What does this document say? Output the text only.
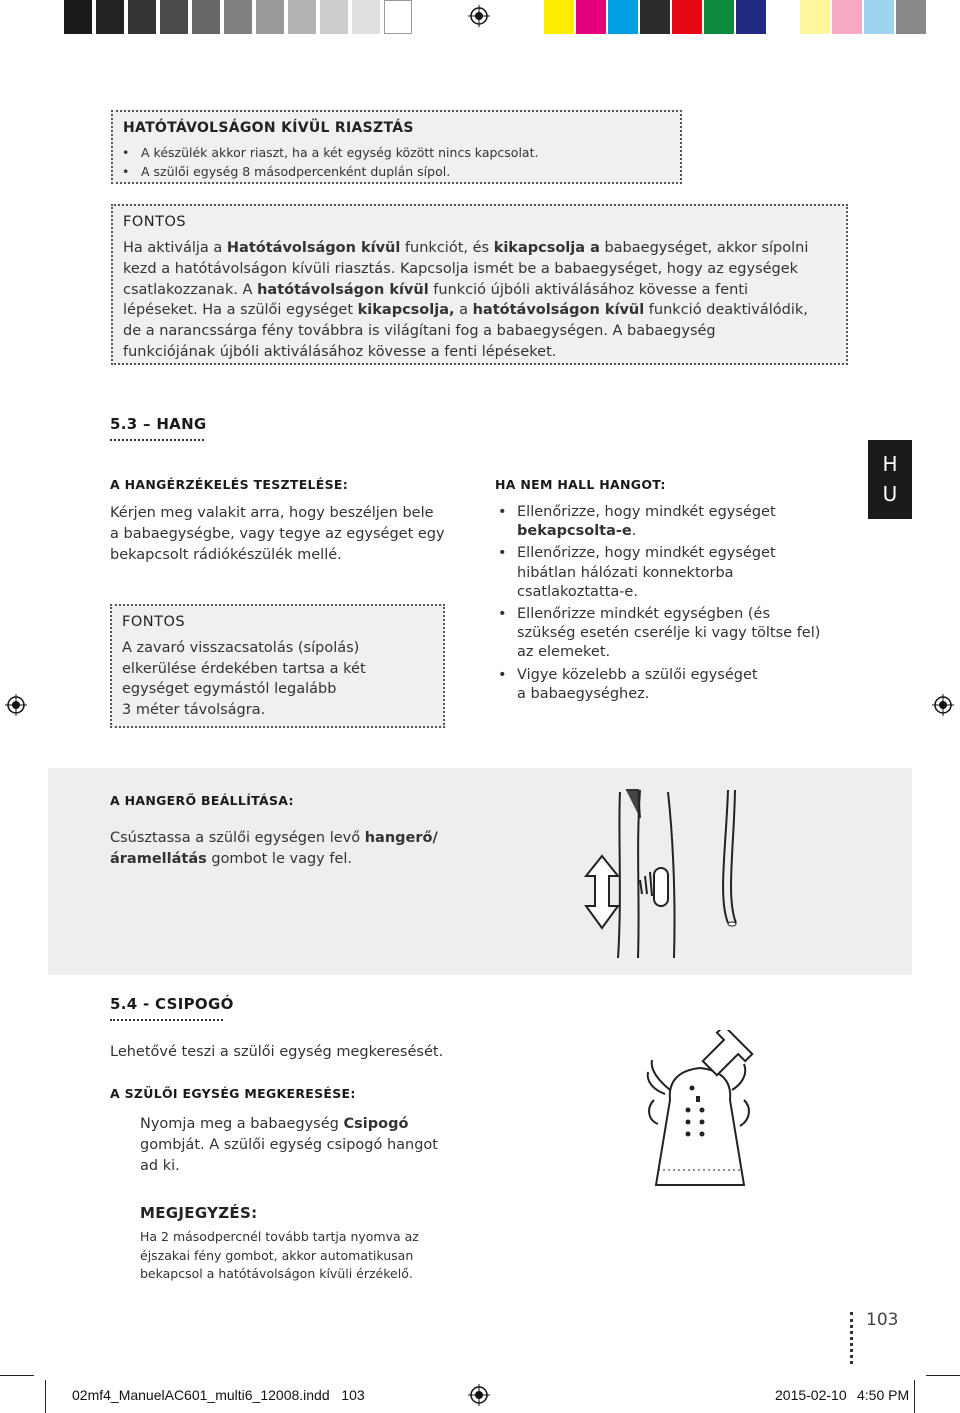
HATÓTÁVOLSÁGON KÍVÜL RIASZTÁS
• A készülék akkor riaszt, ha a két egység között nincs kapcsolat.
• A szülői egység 8 másodpercenként duplán sípol.
FONTOS
Ha aktiválja a Hatótávolságon kívül funkciót, és kikapcsolja a babaegységet, akkor sípolni
kezd a hatótávolságon kívüli riasztás. Kapcsolja ismét be a babaegységet, hogy az egységek
csatlakozzanak. A hatótávolságon kívül funkció újbóli aktiválásához kövesse a fenti
lépéseket. Ha a szülői egységet kikapcsolja, a hatótávolságon kívül funkció deaktiválódik,
de a narancssárga fény továbbra is világítani fog a babaegységen. A babaegység
funkciójának újbóli aktiválásához kövesse a fenti lépéseket.
5.3 – HANG
A HANGÉRZÉKELÉS TESZTELÉSE:
Kérjen meg valakit arra, hogy beszéljen bele
a babaegységbe, vagy tegye az egységet egy
bekapcsolt rádiókészülék mellé.
FONTOS
A zavaró visszacsatolás (sípolás)
elkerülése érdekében tartsa a két
egységet egymástól legalább
3 méter távolságra.
HA NEM HALL HANGOT:
• Ellenőrizze, hogy mindkét egységet
bekapcsolta-e.
• Ellenőrizze, hogy mindkét egységet
hibátlan hálózati konnektorba
csatlakoztatta-e.
• Ellenőrizze mindkét egységben (és
szükség esetén cserélje ki vagy töltse fel)
az elemeket.
• Vigye közelebb a szülői egységet
a babaegységhez.
H
U
A HANGERŐ BEÁLLÍTÁSA:
Csúsztassa a szülői egységen levő hangerő/
áramellátás gombot le vagy fel.
5.4 - CSIPOGÓ
Lehetővé teszi a szülői egység megkeresését.
A SZÜLŐI EGYSÉG MEGKERESÉSE:
Nyomja meg a babaegység Csipogó
gombját. A szülői egység csipogó hangot
ad ki.
MEGJEGYZÉS:
Ha 2 másodpercnél tovább tartja nyomva az
éjszakai fény gombot, akkor automatikusan
bekapcsol a hatótávolságon kívüli érzékelő.
103
02mf4_ManuelAC601_multi6_12008.indd   103	2015-02-10 4:50 PM
